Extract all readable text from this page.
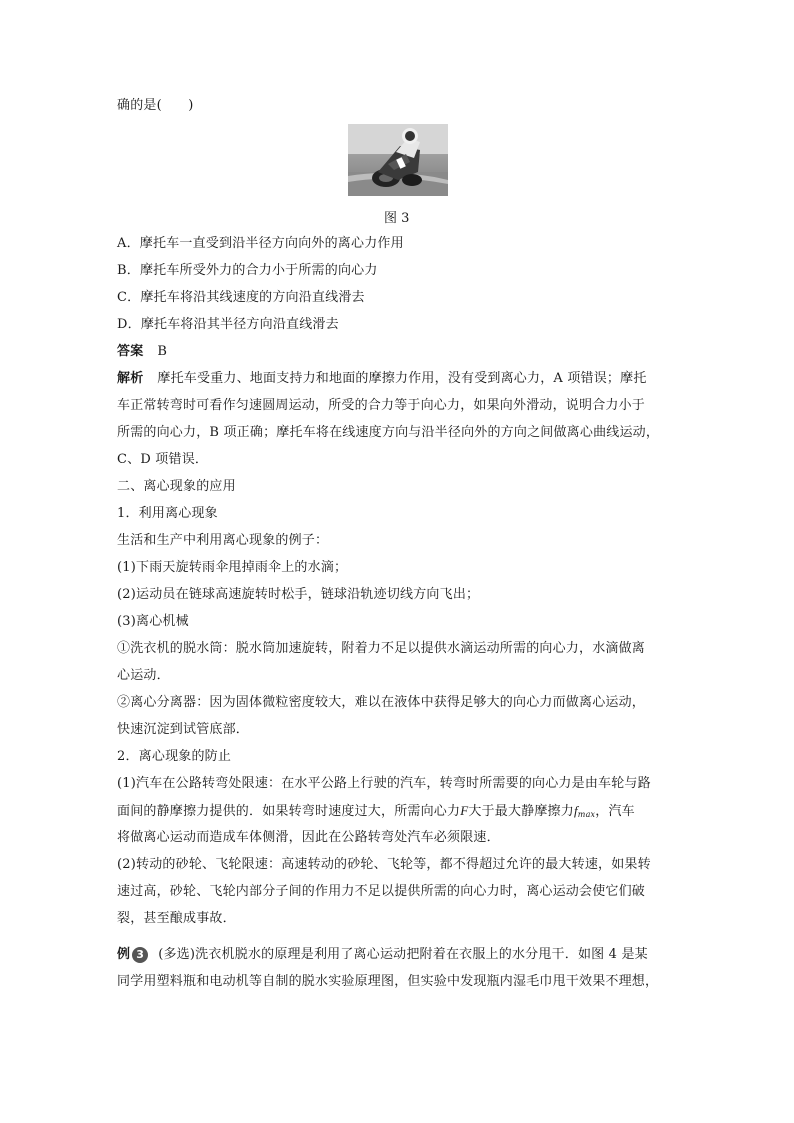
确的是(　　)
图 3
A．摩托车一直受到沿半径方向向外的离心力作用
B．摩托车所受外力的合力小于所需的向心力
C．摩托车将沿其线速度的方向沿直线滑去
D．摩托车将沿其半径方向沿直线滑去
答案 B
解析 摩托车受重力、地面支持力和地面的摩擦力作用，没有受到离心力，A 项错误；摩托
车正常转弯时可看作匀速圆周运动，所受的合力等于向心力，如果向外滑动，说明合力小于
所需的向心力，B 项正确；摩托车将在线速度方向与沿半径向外的方向之间做离心曲线运动，
C、D 项错误．
二、离心现象的应用
1．利用离心现象
生活和生产中利用离心现象的例子：
(1)下雨天旋转雨伞甩掉雨伞上的水滴；
(2)运动员在链球高速旋转时松手，链球沿轨迹切线方向飞出；
(3)离心机械
①洗衣机的脱水筒：脱水筒加速旋转，附着力不足以提供水滴运动所需的向心力，水滴做离
心运动．
②离心分离器：因为固体微粒密度较大，难以在液体中获得足够大的向心力而做离心运动，
快速沉淀到试管底部．
2．离心现象的防止
(1)汽车在公路转弯处限速：在水平公路上行驶的汽车，转弯时所需要的向心力是由车轮与路
面间的静摩擦力提供的．如果转弯时速度过大，所需向心力F大于最大静摩擦力$f_{max}$，汽车
将做离心运动而造成车体侧滑，因此在公路转弯处汽车必须限速．
(2)转动的砂轮、飞轮限速：高速转动的砂轮、飞轮等，都不得超过允许的最大转速，如果转
速过高，砂轮、飞轮内部分子间的作用力不足以提供所需的向心力时，离心运动会使它们破
裂，甚至酿成事故．
例 3 (多选)洗衣机脱水的原理是利用了离心运动把附着在衣服上的水分甩干．如图 4 是某
同学用塑料瓶和电动机等自制的脱水实验原理图，但实验中发现瓶内湿毛巾甩干效果不理想，
